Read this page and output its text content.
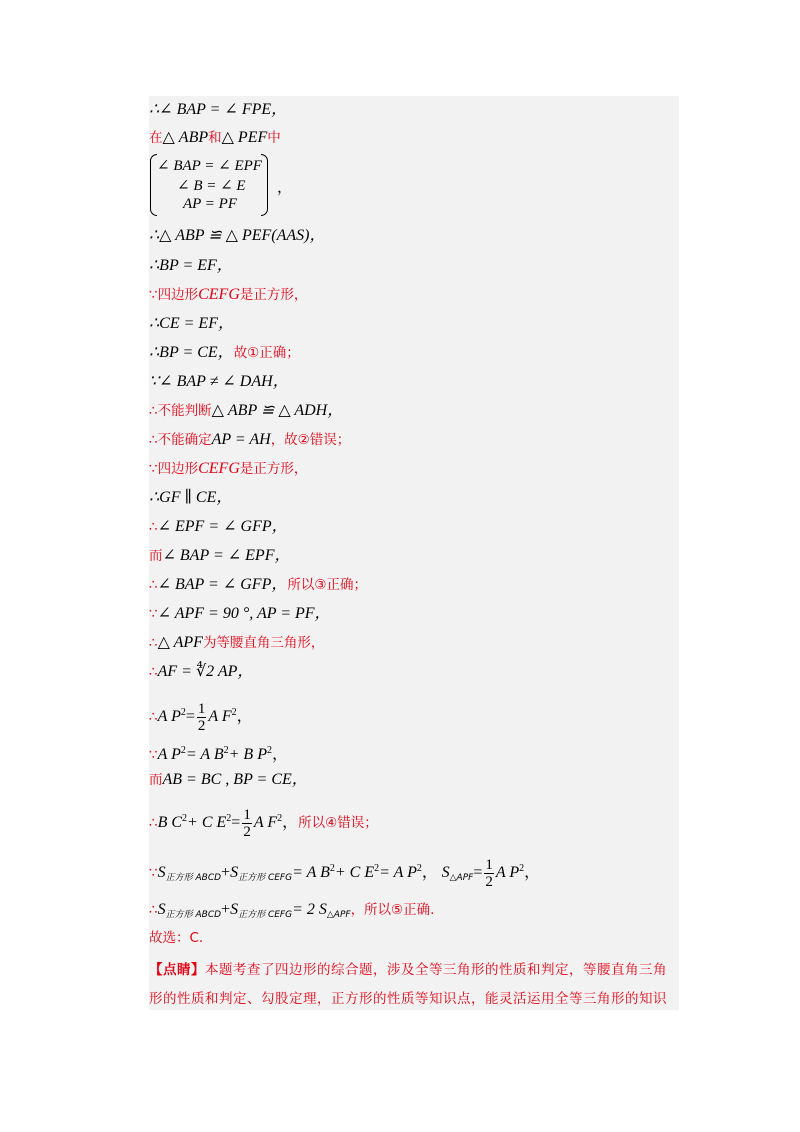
∴∠ BAP = ∠ FPE，
在△ ABP和△ PEF中
∠ BAP = ∠ EPF
∠ B = ∠ E
AP = PF
，
∴△ ABP ≌ △ PEF(AAS)，
∴BP = EF，
∵四边形CEFG是正方形，
∴CE = EF，
∴BP = CE，故①正确；
∵∠ BAP ≠ ∠ DAH，
∴不能判断△ ABP ≌ △ ADH，
∴不能确定AP = AH，故②错误；
∵四边形CEFG是正方形，
∴GF ∥ CE，
∴∠ EPF = ∠ GFP，
而∠ BAP = ∠ EPF，
∴∠ BAP = ∠ GFP，所以③正确；
∵∠ APF = 90 °, AP = PF，
∴△ APF为等腰直角三角形，
∴AF = ∜2 AP，
∴A $P^2= \frac{1}{2}$ A $F^2$，
∵A $P^2= A$ $B^2+ B$ $P^2$，
而AB = BC , BP = CE，
∴B $C^2+ C$ $E^2= \frac{1}{2}$ A $F^2$，所以④错误；
$\because S_{正方形 ABCD}+S_{正方形 CEFG}= A$ $B^2+ C$ $E^2= A$ $P^2$， $S_{\triangle APF}= \frac{1}{2}$ A $P^2$，
$\therefore S_{正方形 ABCD}+S_{正方形 CEFG}= 2$ $S_{\triangle APF}$，所以⑤正确.
故选：C.
【点睛】本题考查了四边形的综合题，涉及全等三角形的性质和判定，等腰直角三角
形的性质和判定、勾股定理，正方形的性质等知识点，能灵活运用全等三角形的知识
